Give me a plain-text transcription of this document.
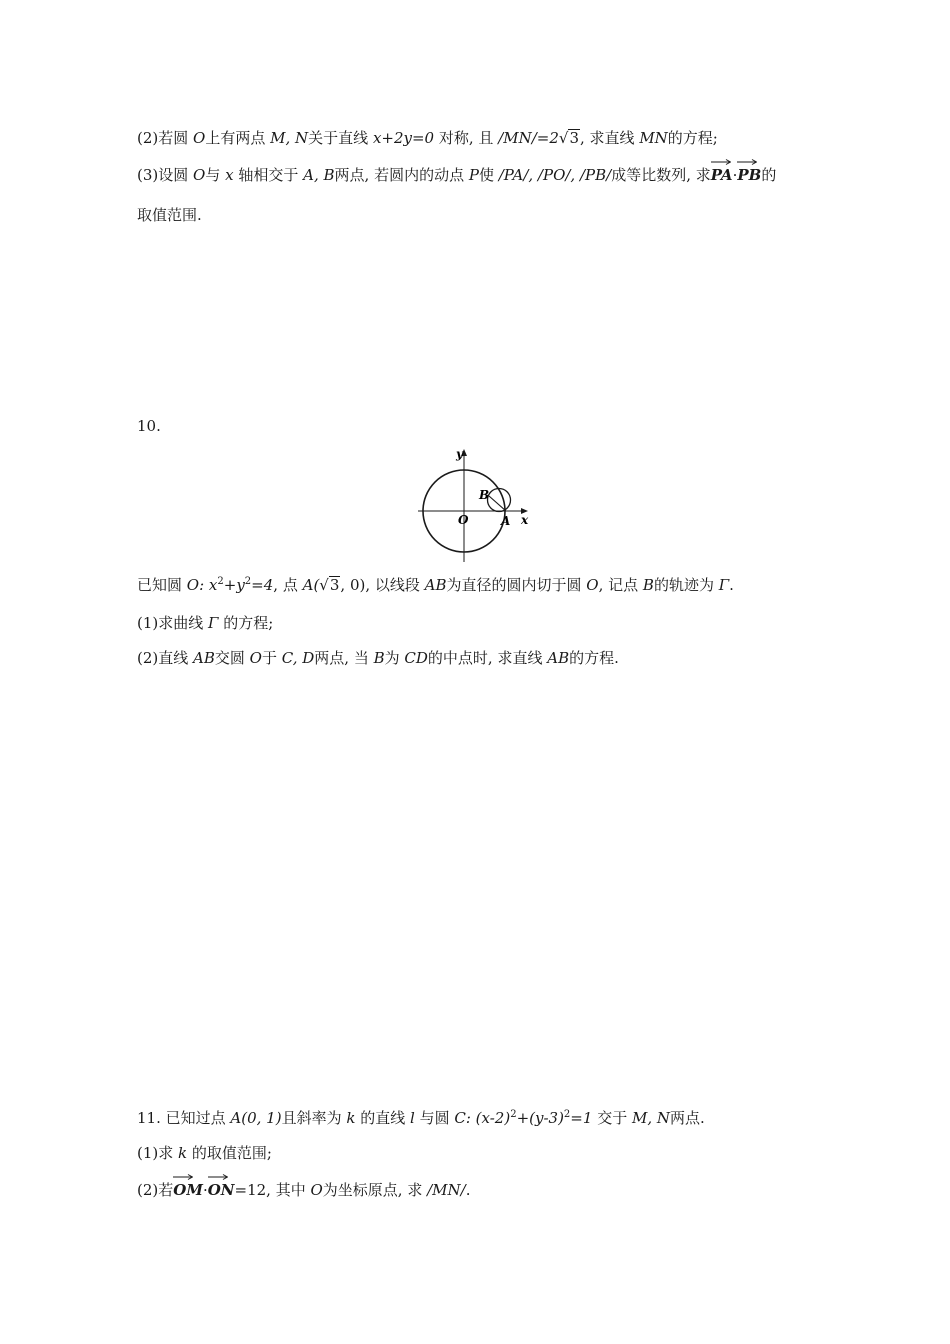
(2)若圆 O上有两点 M, N关于直线 x+2y=0 对称, 且 /MN/=2√3, 求直线 MN的方程;
(3)设圆 O与 x 轴相交于 A, B两点, 若圆内的动点 P使 /PA/, /PO/, /PB/成等比数列, 求
PA·
PB的
取值范围.
10.
y
x
O	A
B
已知圆 O: $x^2+y^2=4$, 点 A(√3, 0), 以线段 AB为直径的圆内切于圆 O, 记点 B的轨迹为 Γ.
(1)求曲线 Γ 的方程;
(2)直线 AB交圆 O于 C, D两点, 当 B为 CD的中点时, 求直线 AB的方程.
11. 已知过点 A(0, 1)且斜率为 k 的直线 l 与圆 C: $(x-2)^2+(y-3)^2=1$ 交于 M, N两点.
(1)求 k 的取值范围;
(2)若
OM·
ON=12, 其中 O为坐标原点, 求 /MN/.
